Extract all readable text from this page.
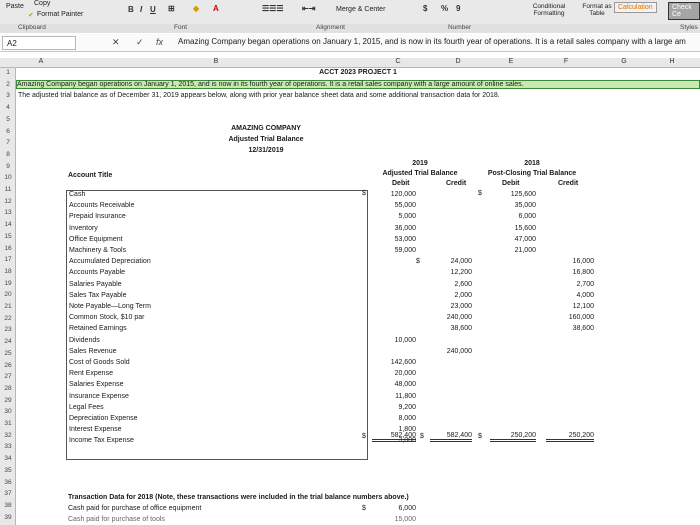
Paste Copy
✔ Format Painter
B I U ⊞ ◆ A	☰☰☰ ⇤⇥	Merge & Center	$ % 9	Conditional Formatting
Format as Table
Calculation	Check Ce
Clipboard	Font	Alignment	Number	Styles
A2	✕ ✓ fx Amazing Company began operations on January 1, 2015, and is now in its fourth year of operations. It is a retail sales company with a large am
A	B	C	D	E	F	G	H
1
2
3
4
5
6
7
8
9
10
11
12
13
14
15
16
17
18
19
20
21
22
23
24
25
26
27
28
29
30
31
32
33
34
35
36
37
38
39
ACCT 2023 PROJECT 1
Amazing Company began operations on January 1, 2015, and is now in its fourth year of operations. It is a retail sales company with a large amount of online sales.
The adjusted trial balance as of December 31, 2019 appears below, along with prior year balance sheet data and some additional transaction data for 2018.
AMAZING COMPANY
Adjusted Trial Balance
12/31/2019
Account Title
2019
Adjusted Trial Balance
Debit	Credit
2018
Post-Closing Trial Balance
Debit	Credit
Cash	120,000	125,600
Accounts Receivable	55,000	35,000
Prepaid Insurance	5,000	6,000
Inventory	36,000	15,600
Office Equipment	53,000	47,000
Machinery & Tools	59,000	21,000
Accumulated Depreciation	24,000	16,000
Accounts Payable	12,200	16,800
Salaries Payable	2,600	2,700
Sales Tax Payable	2,000	4,000
Note Payable—Long Term	23,000	12,100
Common Stock, $10 par	240,000	160,000
Retained Earnings	38,600	38,600
Dividends	10,000
Sales Revenue	240,000
Cost of Goods Sold	142,600
Rent Expense	20,000
Salaries Expense	48,000
Insurance Expense	11,800
Legal Fees	9,200
Depreciation Expense	8,000
Interest Expense	1,800
Income Tax Expense	3,000
$
$
$
$	582,400 $	582,400 $	250,200	250,200
Transaction Data for 2018 (Note, these transactions were included in the trial balance numbers above.)
Cash paid for purchase of office equipment	$	6,000
Cash paid for purchase of tools	15,000
